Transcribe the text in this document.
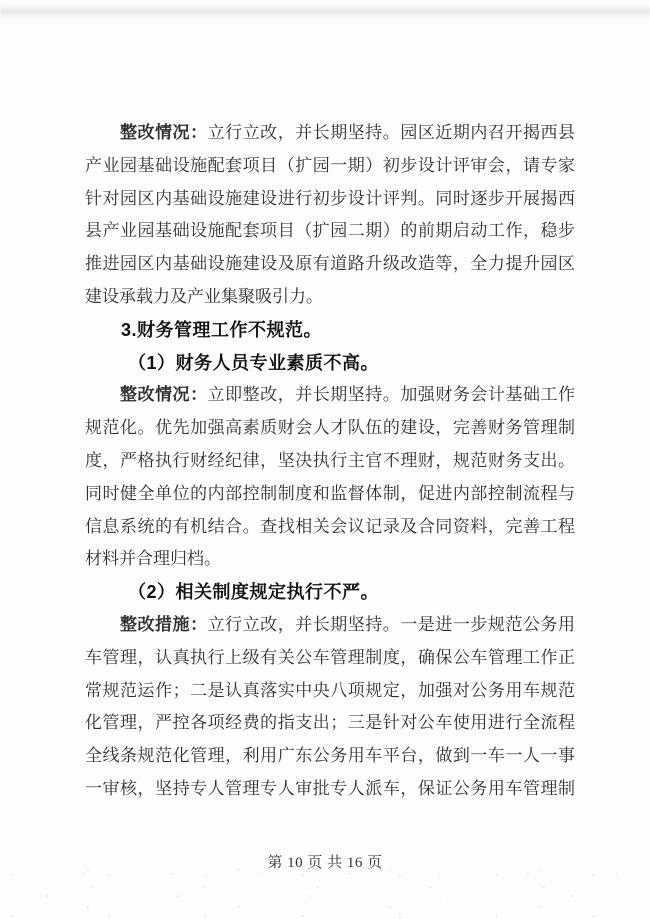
整改情况：立行立改，并长期坚持。园区近期内召开揭西县
产业园基础设施配套项目（扩园一期）初步设计评审会，请专家
针对园区内基础设施建设进行初步设计评判。同时逐步开展揭西
县产业园基础设施配套项目（扩园二期）的前期启动工作，稳步
推进园区内基础设施建设及原有道路升级改造等，全力提升园区
建设承载力及产业集聚吸引力。
3.财务管理工作不规范。
（1）财务人员专业素质不高。
整改情况：立即整改，并长期坚持。加强财务会计基础工作
规范化。优先加强高素质财会人才队伍的建设，完善财务管理制
度，严格执行财经纪律，坚决执行主官不理财，规范财务支出。
同时健全单位的内部控制制度和监督体制，促进内部控制流程与
信息系统的有机结合。查找相关会议记录及合同资料，完善工程
材料并合理归档。
（2）相关制度规定执行不严。
整改措施：立行立改，并长期坚持。一是进一步规范公务用
车管理，认真执行上级有关公车管理制度，确保公车管理工作正
常规范运作；二是认真落实中央八项规定，加强对公务用车规范
化管理，严控各项经费的指支出；三是针对公车使用进行全流程
全线条规范化管理，利用广东公务用车平台，做到一车一人一事
一审核，坚持专人管理专人审批专人派车，保证公务用车管理制
第 10 页 共 16 页
